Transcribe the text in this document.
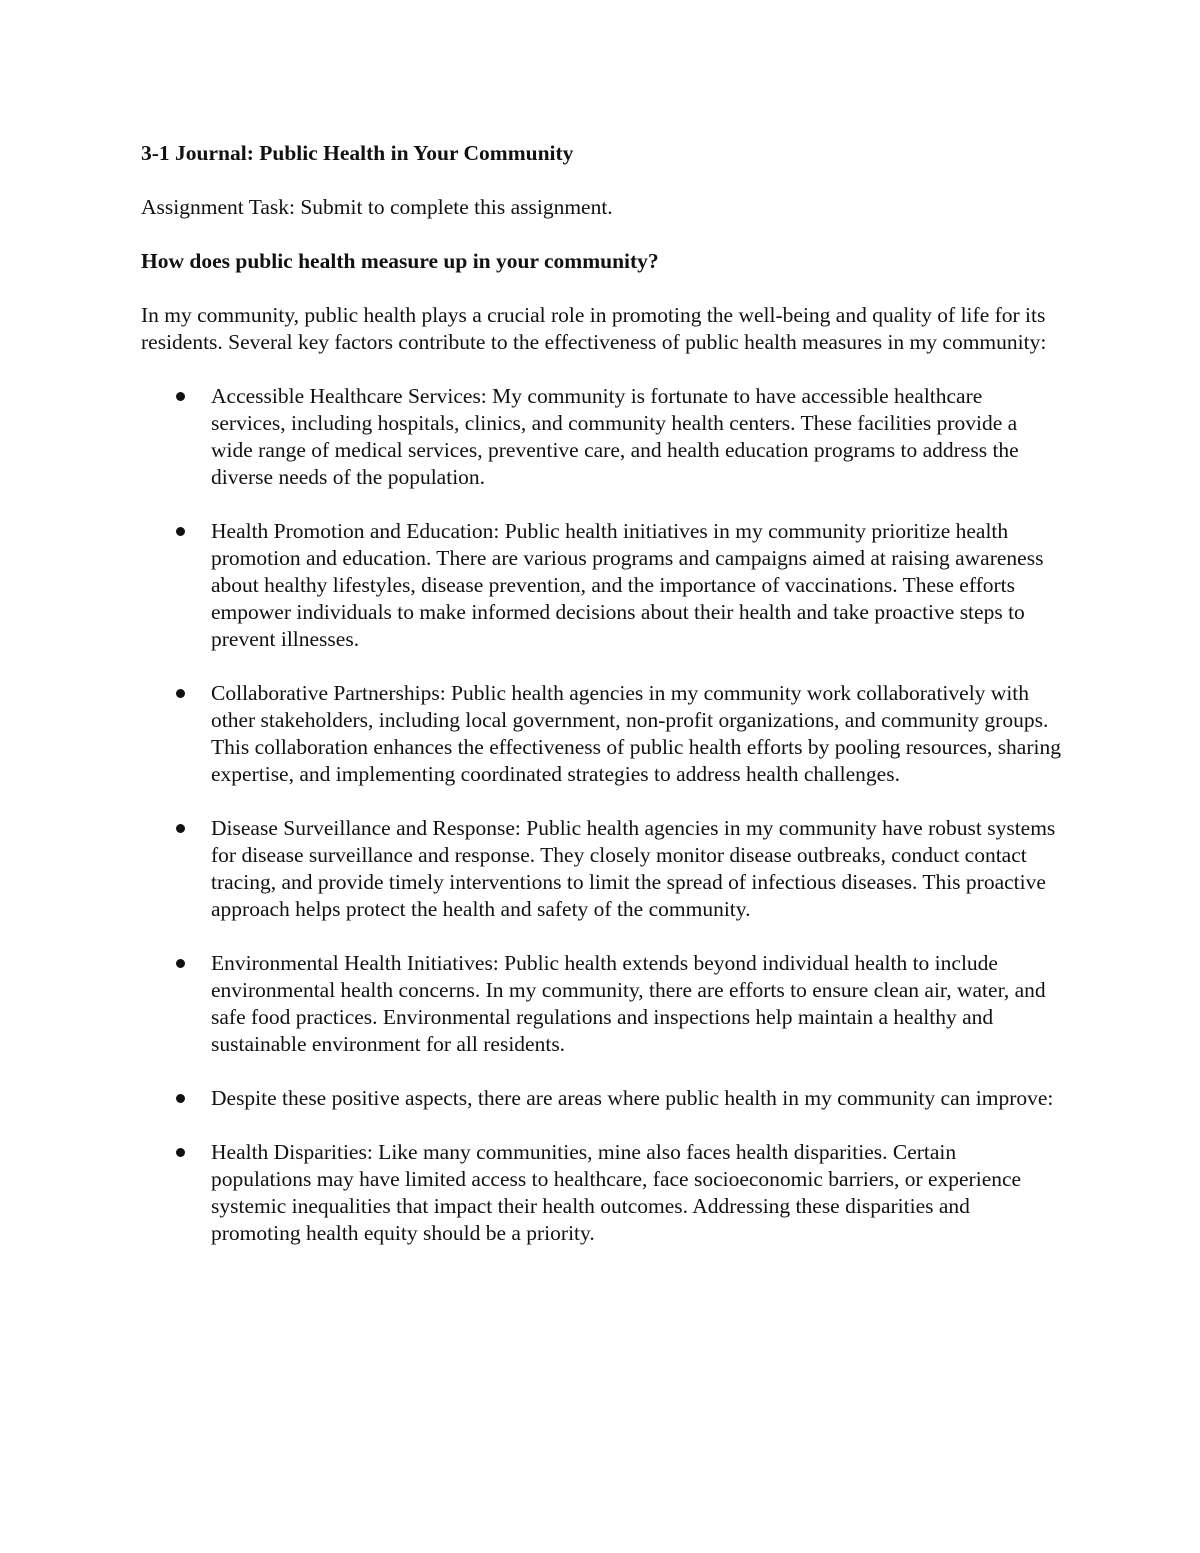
3-1 Journal: Public Health in Your Community
Assignment Task: Submit to complete this assignment.
How does public health measure up in your community?
In my community, public health plays a crucial role in promoting the well-being and quality of life for its residents. Several key factors contribute to the effectiveness of public health measures in my community:
Accessible Healthcare Services: My community is fortunate to have accessible healthcare services, including hospitals, clinics, and community health centers. These facilities provide a wide range of medical services, preventive care, and health education programs to address the diverse needs of the population.
Health Promotion and Education: Public health initiatives in my community prioritize health promotion and education. There are various programs and campaigns aimed at raising awareness about healthy lifestyles, disease prevention, and the importance of vaccinations. These efforts empower individuals to make informed decisions about their health and take proactive steps to prevent illnesses.
Collaborative Partnerships: Public health agencies in my community work collaboratively with other stakeholders, including local government, non-profit organizations, and community groups. This collaboration enhances the effectiveness of public health efforts by pooling resources, sharing expertise, and implementing coordinated strategies to address health challenges.
Disease Surveillance and Response: Public health agencies in my community have robust systems for disease surveillance and response. They closely monitor disease outbreaks, conduct contact tracing, and provide timely interventions to limit the spread of infectious diseases. This proactive approach helps protect the health and safety of the community.
Environmental Health Initiatives: Public health extends beyond individual health to include environmental health concerns. In my community, there are efforts to ensure clean air, water, and safe food practices. Environmental regulations and inspections help maintain a healthy and sustainable environment for all residents.
Despite these positive aspects, there are areas where public health in my community can improve:
Health Disparities: Like many communities, mine also faces health disparities. Certain populations may have limited access to healthcare, face socioeconomic barriers, or experience systemic inequalities that impact their health outcomes. Addressing these disparities and promoting health equity should be a priority.
